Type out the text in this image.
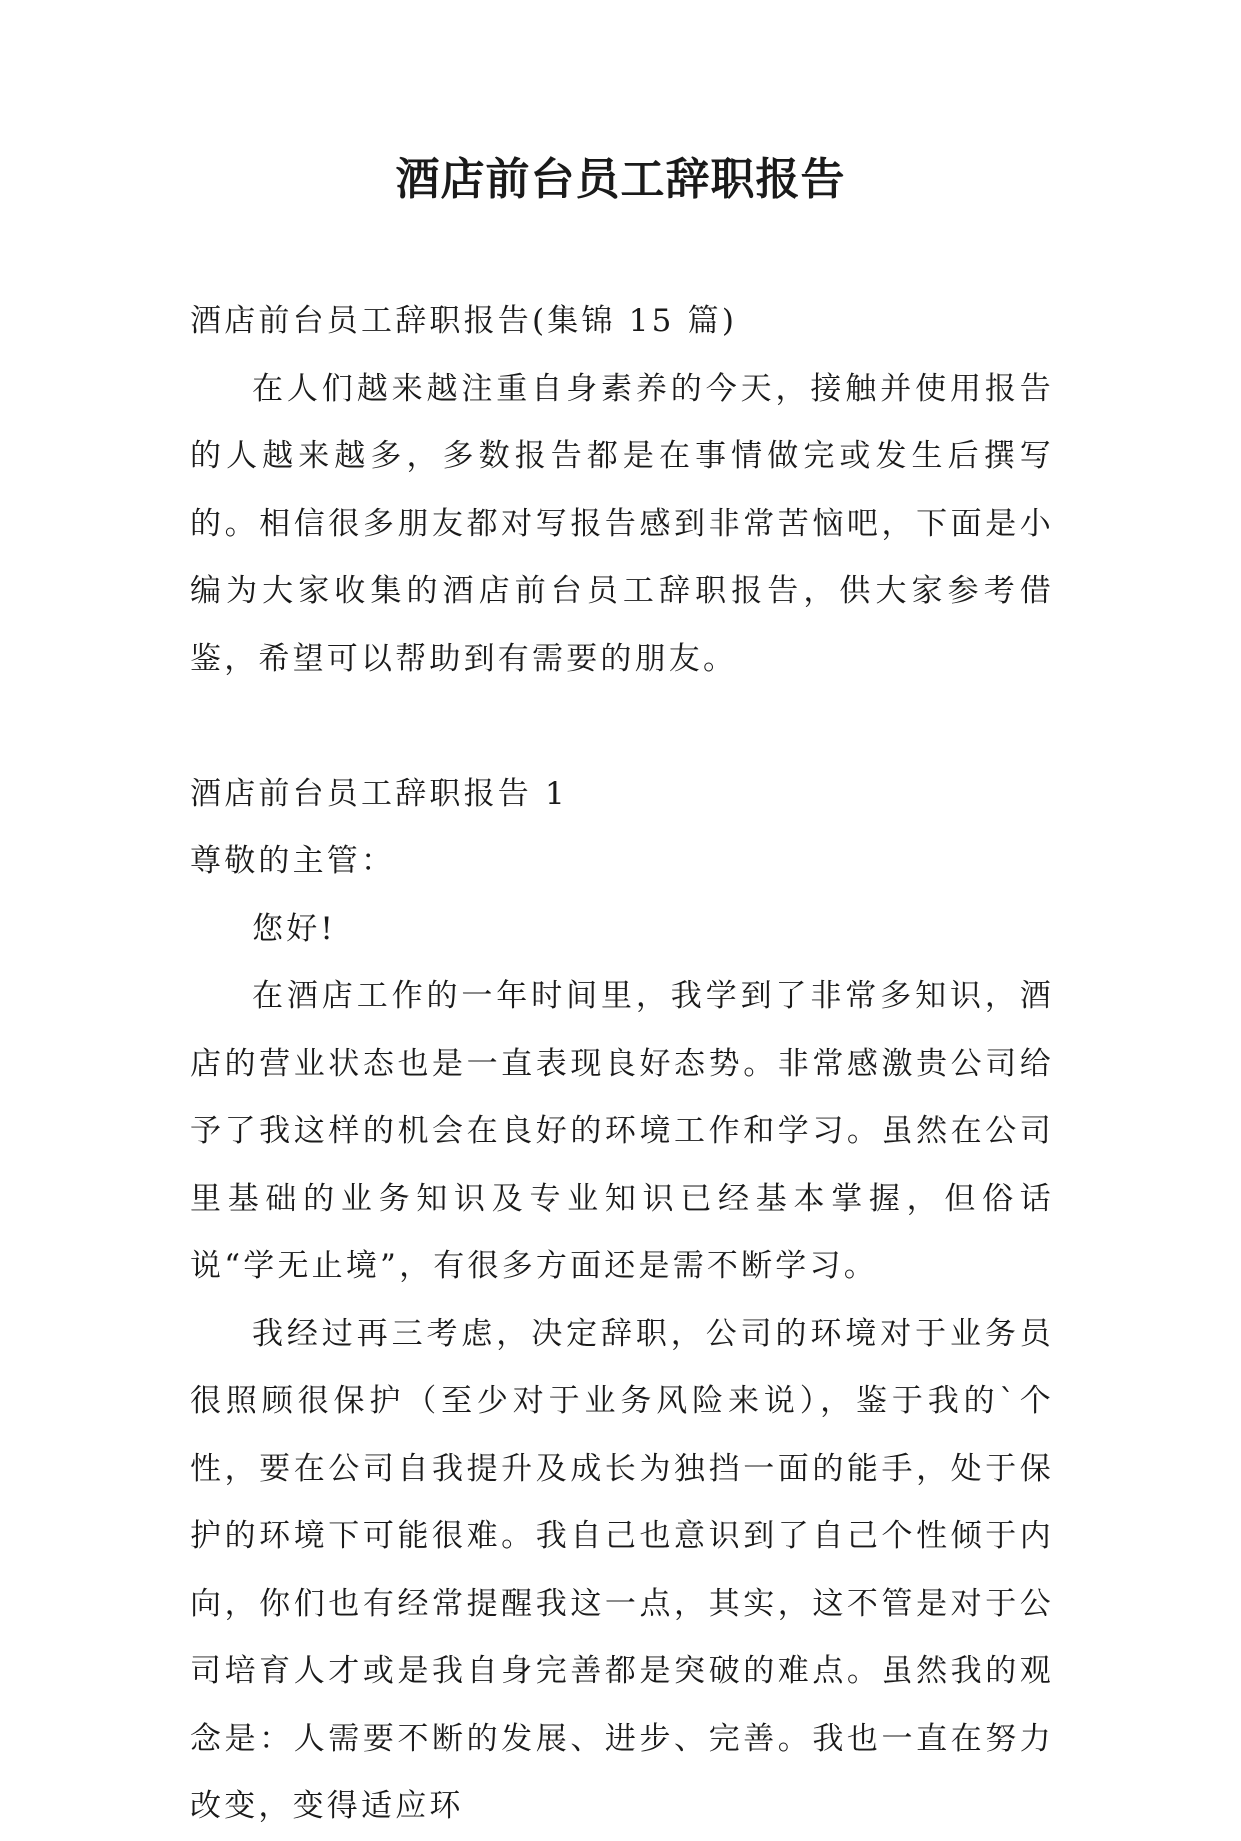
酒店前台员工辞职报告

酒店前台员工辞职报告(集锦 15 篇)

在人们越来越注重自身素养的今天，接触并使用报告的人越来越多，多数报告都是在事情做完或发生后撰写的。相信很多朋友都对写报告感到非常苦恼吧，下面是小编为大家收集的酒店前台员工辞职报告，供大家参考借鉴，希望可以帮助到有需要的朋友。

酒店前台员工辞职报告 1

尊敬的主管：

您好!

在酒店工作的一年时间里，我学到了非常多知识，酒店的营业状态也是一直表现良好态势。非常感激贵公司给予了我这样的机会在良好的环境工作和学习。虽然在公司里基础的业务知识及专业知识已经基本掌握，但俗话说“学无止境”，有很多方面还是需不断学习。

我经过再三考虑，决定辞职，公司的环境对于业务员很照顾很保护（至少对于业务风险来说），鉴于我的`个性，要在公司自我提升及成长为独挡一面的能手，处于保护的环境下可能很难。我自己也意识到了自己个性倾于内向，你们也有经常提醒我这一点，其实，这不管是对于公司培育人才或是我自身完善都是突破的难点。虽然我的观念是：人需要不断的发展、进步、完善。我也一直在努力改变，变得适应环
